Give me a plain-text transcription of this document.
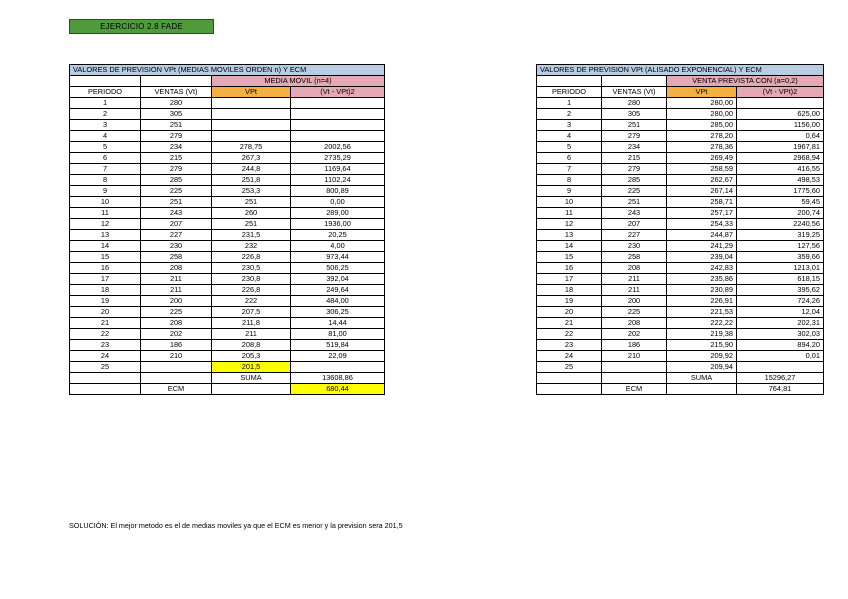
EJERCICIO 2.8 FADE
VALORES DE PREVISION VPt (MEDIAS MOVILES ORDEN n) Y ECM			
		MEDIA MOVIL (n=4)	
PERIODO	VENTAS (Vt)	VPt	(Vt - VPt)2
1	280		
2	305		
3	251		
4	279		
5	234	278,75	2002,56
6	215	267,3	2735,29
7	279	244,8	1169,64
8	285	251,8	1102,24
9	225	253,3	800,89
10	251	251	0,00
11	243	260	289,00
12	207	251	1936,00
13	227	231,5	20,25
14	230	232	4,00
15	258	226,8	973,44
16	208	230,5	506,25
17	211	230,8	392,04
18	211	226,8	249,64
19	200	222	484,00
20	225	207,5	306,25
21	208	211,8	14,44
22	202	211	81,00
23	186	208,8	519,84
24	210	205,3	22,09
25		201,5	
		SUMA	13608,86
	ECM		680,44
VALORES DE PREVISION VPt (ALISADO EXPONENCIAL) Y ECM			
		VENTA PREVISTA CON (a=0,2)	
PERIODO	VENTAS (Vt)	VPt	(Vt - VPt)2
1	280	280,00	
2	305	280,00	625,00
3	251	285,00	1156,00
4	279	278,20	0,64
5	234	278,36	1967,81
6	215	269,49	2968,94
7	279	258,59	416,55
8	285	262,67	498,53
9	225	267,14	1775,60
10	251	258,71	59,45
11	243	257,17	200,74
12	207	254,33	2240,56
13	227	244,87	319,25
14	230	241,29	127,56
15	258	239,04	359,66
16	208	242,83	1213,01
17	211	235,86	618,15
18	211	230,89	395,62
19	200	226,91	724,26
20	225	221,53	12,04
21	208	222,22	202,31
22	202	219,38	302,03
23	186	215,90	894,20
24	210	209,92	0,01
25		209,94	
		SUMA	15296,27
	ECM		764,81
SOLUCIÓN: El mejor metodo es el de medias moviles ya que el ECM es menor y la prevision sera 201,5
